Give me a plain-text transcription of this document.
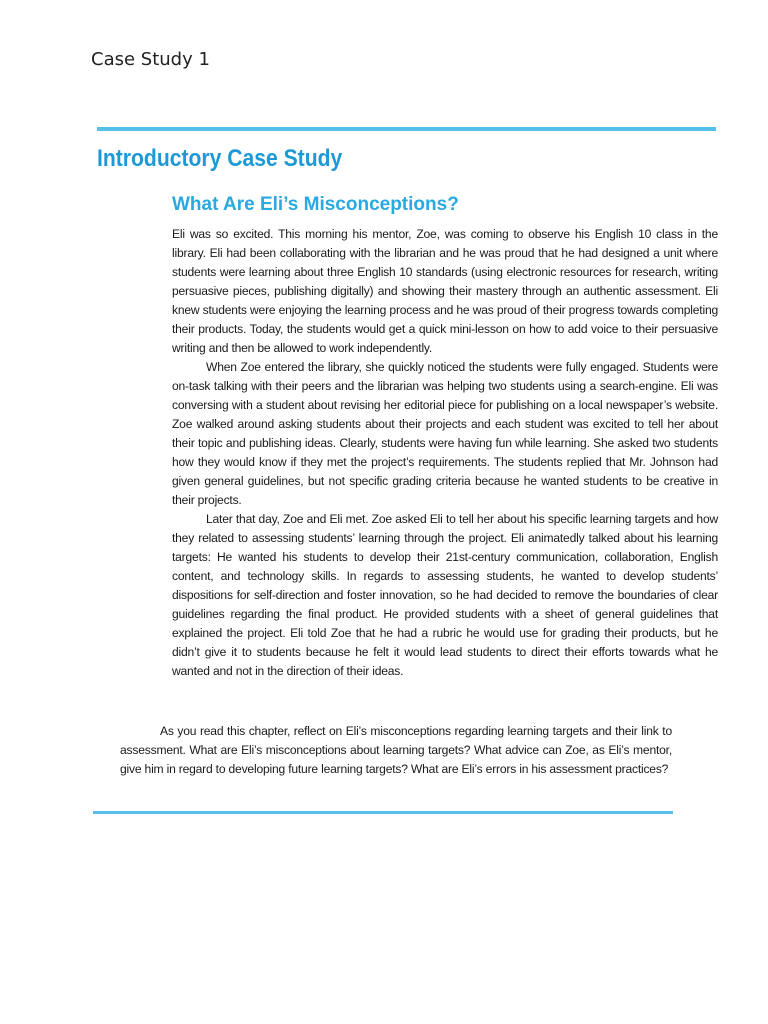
Case Study 1
Introductory Case Study
What Are Eli’s Misconceptions?

Eli was so excited. This morning his mentor, Zoe, was coming to observe his English 10 class in the library. Eli had been collaborating with the librarian and he was proud that he had designed a unit where students were learning about three English 10 standards (using electronic resources for research, writing persuasive pieces, publishing digitally) and showing their mastery through an authentic assessment. Eli knew students were enjoying the learning process and he was proud of their progress towards completing their products. Today, the students would get a quick mini-lesson on how to add voice to their persuasive writing and then be allowed to work independently.

When Zoe entered the library, she quickly noticed the students were fully engaged. Students were on-task talking with their peers and the librarian was helping two students using a search-engine. Eli was conversing with a student about revising her editorial piece for publishing on a local newspaper’s website. Zoe walked around asking students about their projects and each student was excited to tell her about their topic and publishing ideas. Clearly, students were having fun while learning. She asked two students how they would know if they met the project’s requirements. The students replied that Mr. Johnson had given general guidelines, but not specific grading criteria because he wanted students to be creative in their projects.

Later that day, Zoe and Eli met. Zoe asked Eli to tell her about his specific learning targets and how they related to assessing students’ learning through the project. Eli animatedly talked about his learning targets: He wanted his students to develop their 21st-century communication, collaboration, English content, and technology skills. In regards to assessing students, he wanted to develop students’ dispositions for self-direction and foster innovation, so he had decided to remove the boundaries of clear guidelines regarding the final product. He provided students with a sheet of general guidelines that explained the project. Eli told Zoe that he had a rubric he would use for grading their products, but he didn’t give it to students because he felt it would lead students to direct their efforts towards what he wanted and not in the direction of their ideas.

As you read this chapter, reflect on Eli’s misconceptions regarding learning targets and their link to assessment. What are Eli’s misconceptions about learning targets? What advice can Zoe, as Eli’s mentor, give him in regard to developing future learning targets? What are Eli’s errors in his assessment practices?
